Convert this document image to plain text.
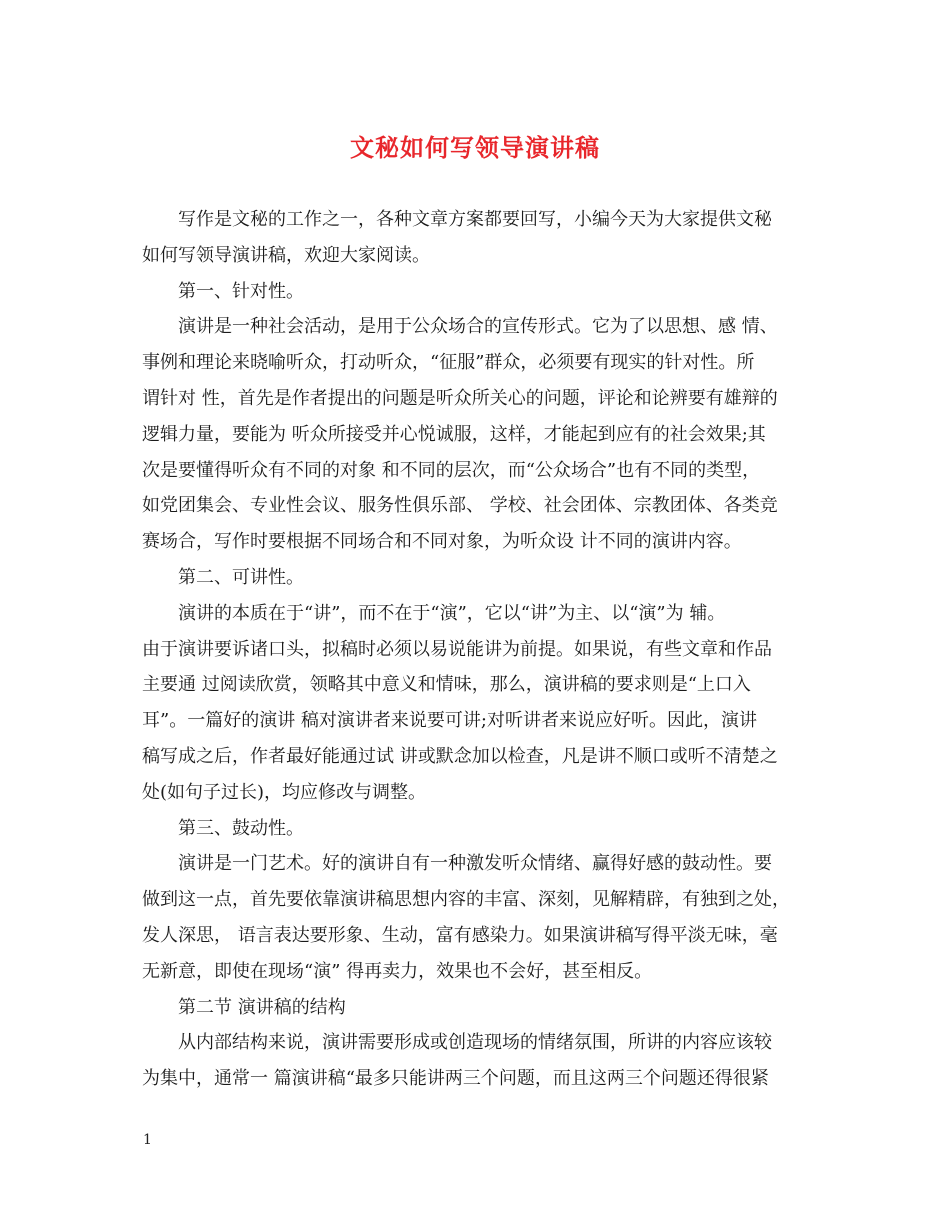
文秘如何写领导演讲稿
写作是文秘的工作之一，各种文章方案都要回写，小编今天为大家提供文秘
如何写领导演讲稿，欢迎大家阅读。
第一、针对性。
演讲是一种社会活动，是用于公众场合的宣传形式。它为了以思想、感 情、
事例和理论来晓喻听众，打动听众，“征服”群众，必须要有现实的针对性。所
谓针对 性，首先是作者提出的问题是听众所关心的问题，评论和论辨要有雄辩的
逻辑力量，要能为 听众所接受并心悦诚服，这样，才能起到应有的社会效果;其
次是要懂得听众有不同的对象 和不同的层次，而“公众场合”也有不同的类型，
如党团集会、专业性会议、服务性俱乐部、 学校、社会团体、宗教团体、各类竞
赛场合，写作时要根据不同场合和不同对象，为听众设 计不同的演讲内容。
第二、可讲性。
演讲的本质在于“讲”，而不在于“演”，它以“讲”为主、以“演”为 辅。
由于演讲要诉诸口头，拟稿时必须以易说能讲为前提。如果说，有些文章和作品
主要通 过阅读欣赏，领略其中意义和情味，那么，演讲稿的要求则是“上口入
耳”。一篇好的演讲 稿对演讲者来说要可讲;对听讲者来说应好听。因此，演讲
稿写成之后，作者最好能通过试 讲或默念加以检查，凡是讲不顺口或听不清楚之
处(如句子过长)，均应修改与调整。
第三、鼓动性。
演讲是一门艺术。好的演讲自有一种激发听众情绪、赢得好感的鼓动性。要
做到这一点，首先要依靠演讲稿思想内容的丰富、深刻，见解精辟，有独到之处，
发人深思， 语言表达要形象、生动，富有感染力。如果演讲稿写得平淡无味，毫
无新意，即使在现场“演” 得再卖力，效果也不会好，甚至相反。
第二节 演讲稿的结构
从内部结构来说，演讲需要形成或创造现场的情绪氛围，所讲的内容应该较
为集中，通常一 篇演讲稿“最多只能讲两三个问题，而且这两三个问题还得很紧
1
